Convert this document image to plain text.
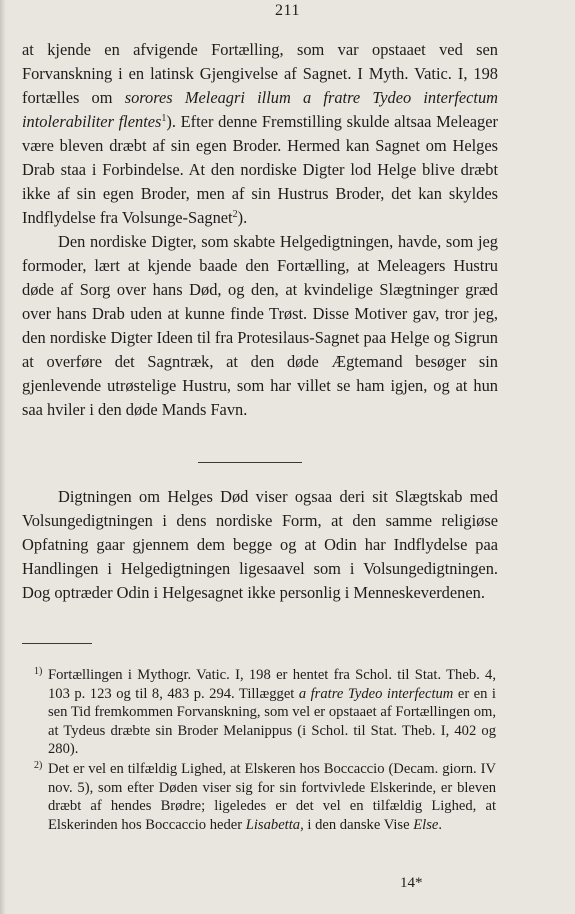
211

at kjende en afvigende Fortælling, som var opstaaet ved sen Forvanskning i en latinsk Gjengivelse af Sagnet. I Myth. Vatic. I, 198 fortælles om sorores Meleagri illum a fratre Tydeo interfectum intolerabiliter flentes$^1$). Efter denne Fremstilling skulde altsaa Meleager være bleven dræbt af sin egen Broder. Hermed kan Sagnet om Helges Drab staa i Forbindelse. At den nordiske Digter lod Helge blive dræbt ikke af sin egen Broder, men af sin Hustrus Broder, det kan skyldes Indflydelse fra Volsunge-Sagnet$^2$).

Den nordiske Digter, som skabte Helgedigtningen, havde, som jeg formoder, lært at kjende baade den Fortælling, at Meleagers Hustru døde af Sorg over hans Død, og den, at kvindelige Slægtninger græd over hans Drab uden at kunne finde Trøst. Disse Motiver gav, tror jeg, den nordiske Digter Ideen til fra Protesilaus-Sagnet paa Helge og Sigrun at overføre det Sagntræk, at den døde Ægtemand besøger sin gjenlevende utrøstelige Hustru, som har villet se ham igjen, og at hun saa hviler i den døde Mands Favn.

Digtningen om Helges Død viser ogsaa deri sit Slægtskab med Volsungedigtningen i dens nordiske Form, at den samme religiøse Opfatning gaar gjennem dem begge og at Odin har Indflydelse paa Handlingen i Helgedigtningen ligesaavel som i Volsungedigtningen. Dog optræder Odin i Helgesagnet ikke personlig i Menneskeverdenen.

1) Fortællingen i Mythogr. Vatic. I, 198 er hentet fra Schol. til Stat. Theb. 4, 103 p. 123 og til 8, 483 p. 294. Tillægget a fratre Tydeo interfectum er en i sen Tid fremkommen Forvanskning, som vel er opstaaet af Fortællingen om, at Tydeus dræbte sin Broder Melanippus (i Schol. til Stat. Theb. I, 402 og 280).

2) Det er vel en tilfældig Lighed, at Elskeren hos Boccaccio (Decam. giorn. IV nov. 5), som efter Døden viser sig for sin fortvivlede Elskerinde, er bleven dræbt af hendes Brødre; ligeledes er det vel en tilfældig Lighed, at Elskerinden hos Boccaccio heder Lisabetta, i den danske Vise Else.

14*
